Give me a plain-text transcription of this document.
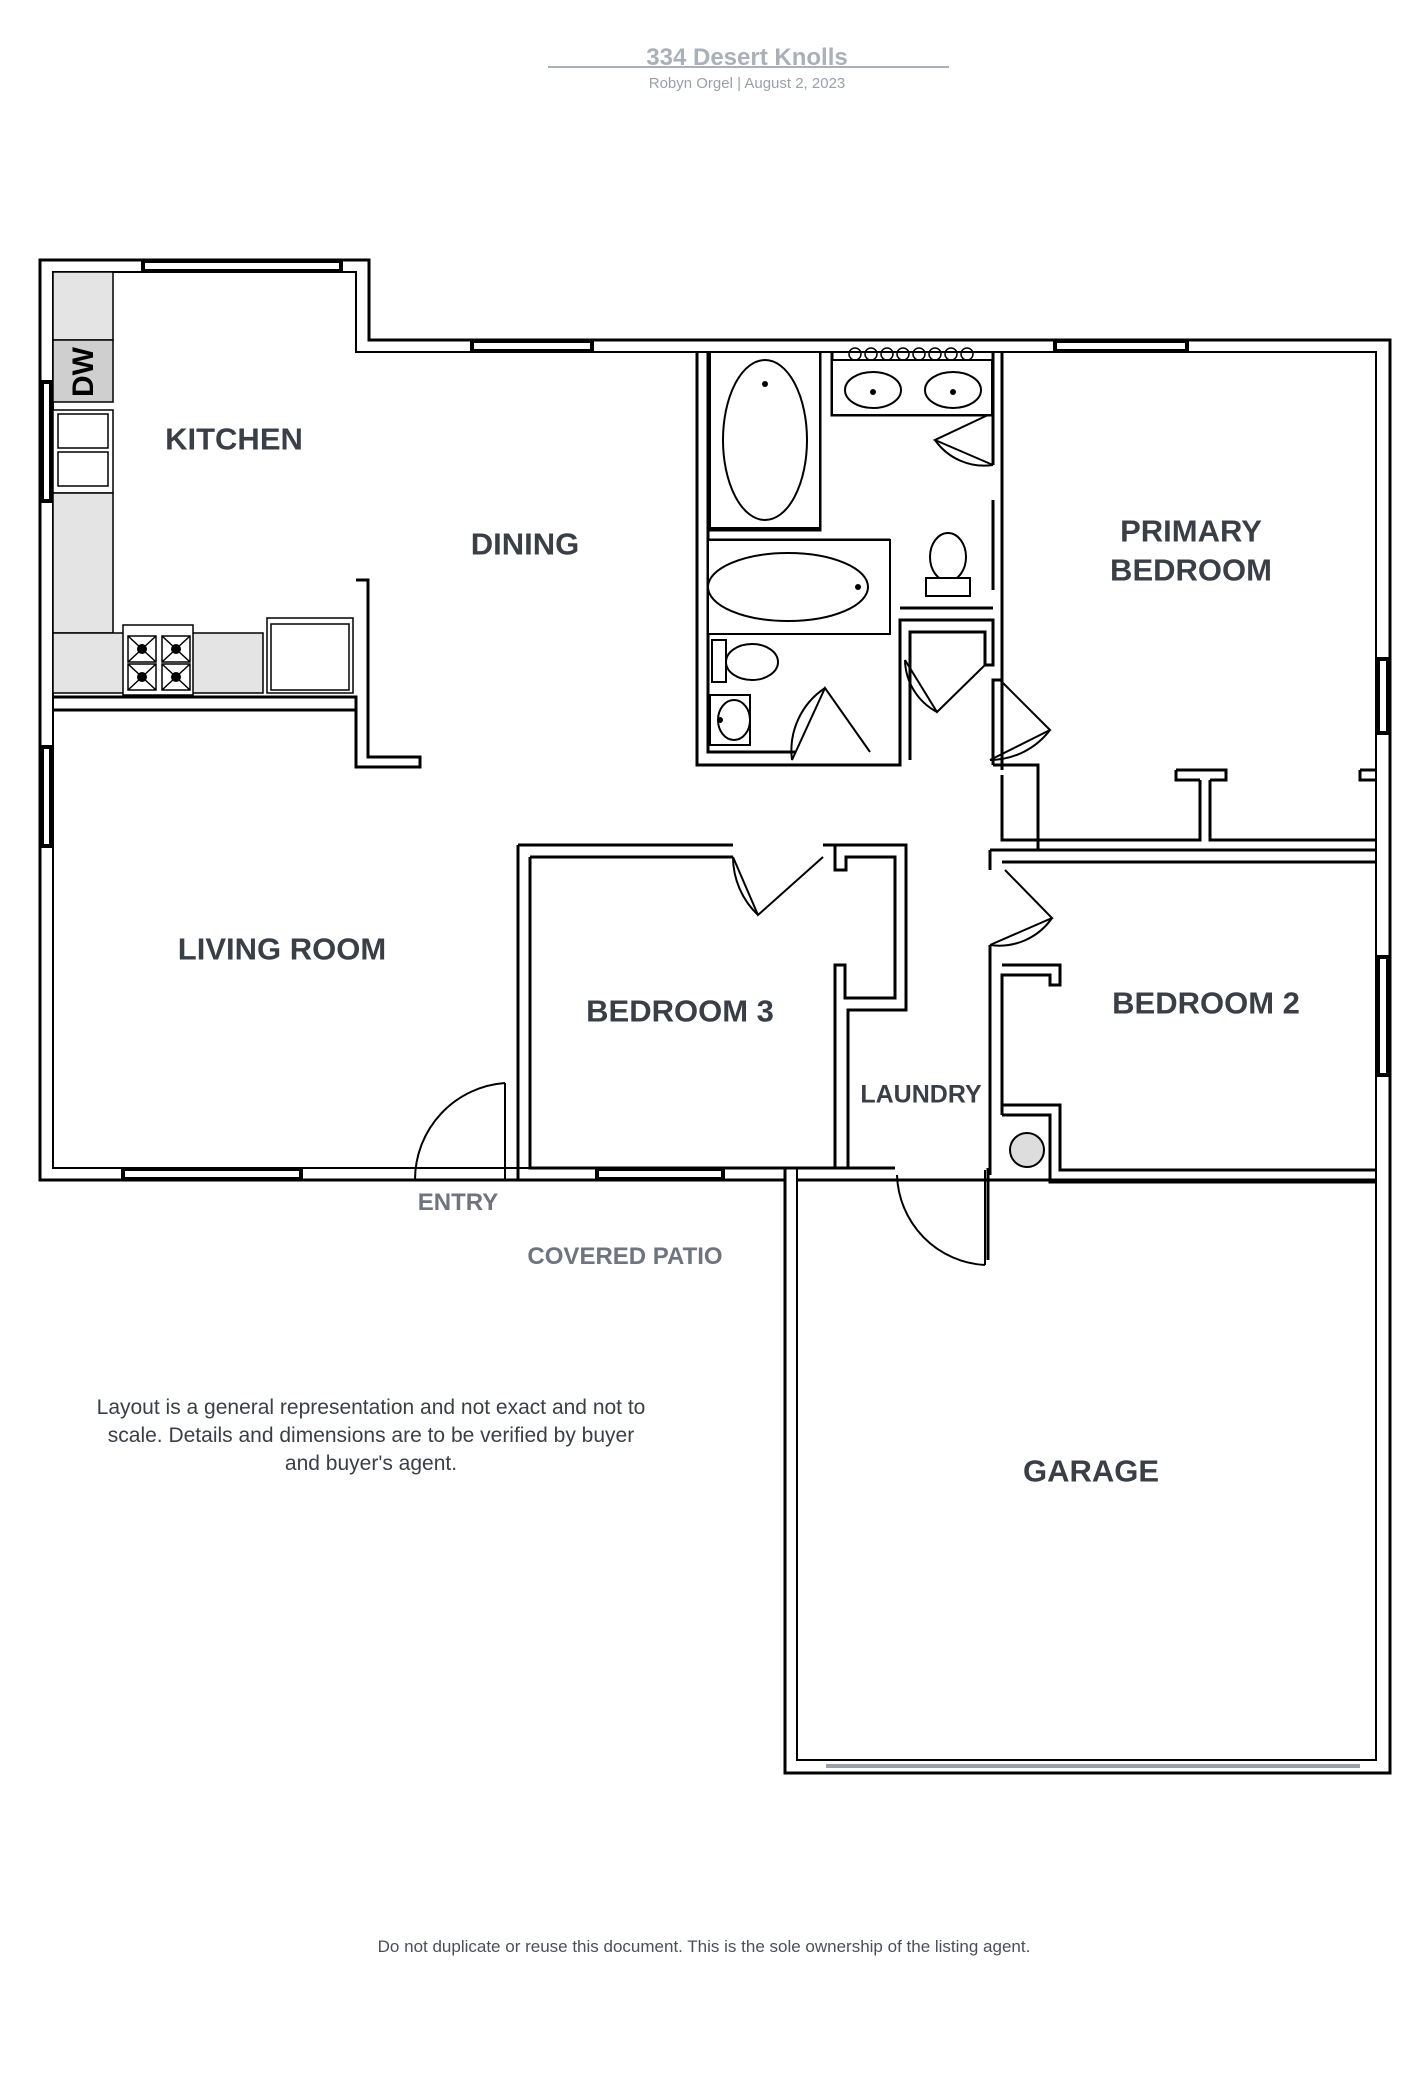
334 Desert Knolls
Robyn Orgel | August 2, 2023
DW
KITCHEN
DINING	PRIMARY
BEDROOM
LIVING ROOM
BEDROOM 3	BEDROOM 2
LAUNDRY
ENTRY
COVERED PATIO
GARAGE
Layout is a general representation and not exact and not to scale. Details and dimensions are to be verified by buyer and buyer's agent.
Do not duplicate or reuse this document. This is the sole ownership of the listing agent.
